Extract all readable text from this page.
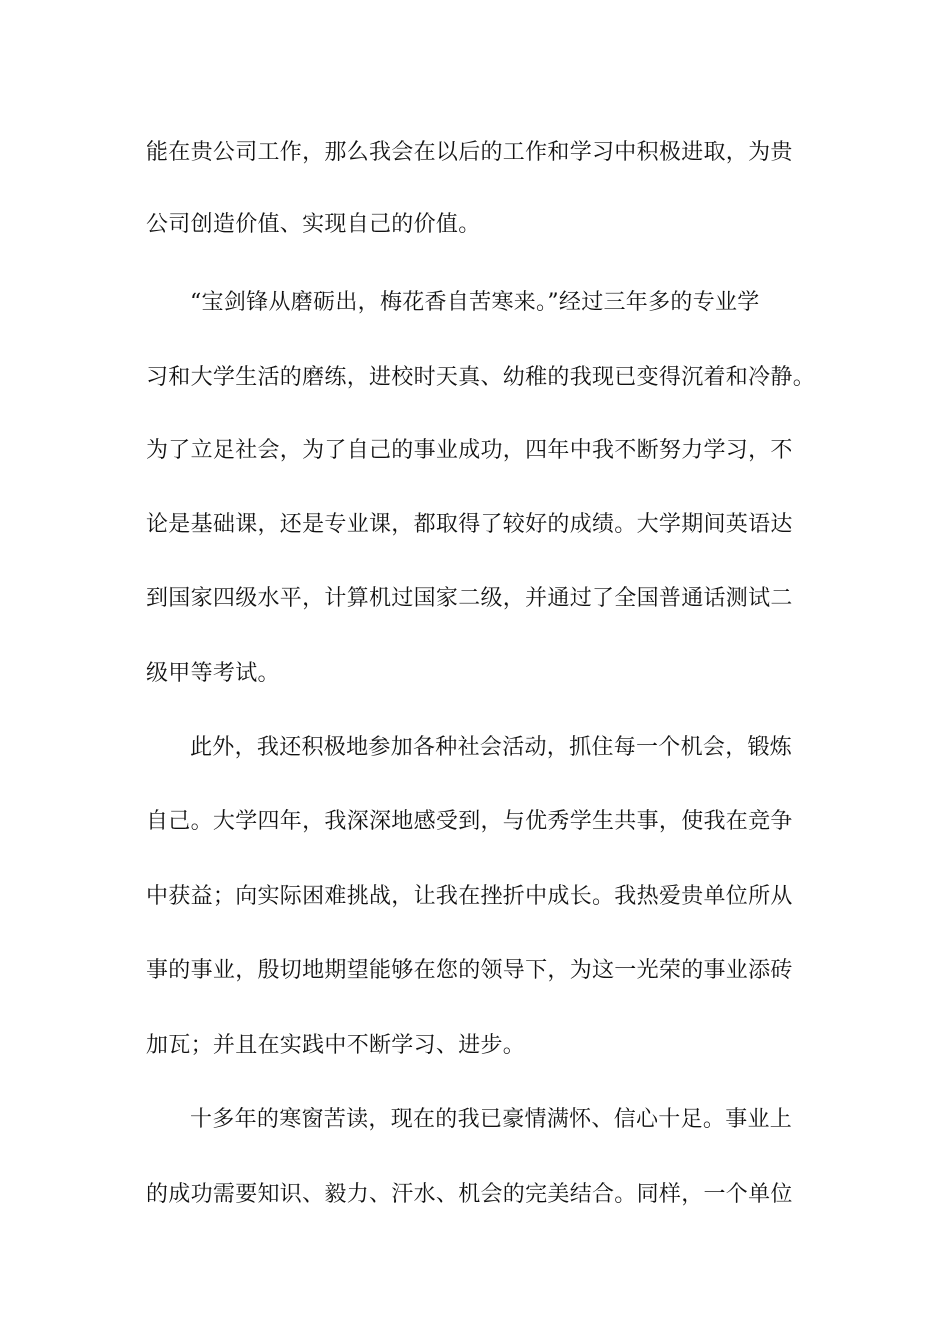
能在贵公司工作，那么我会在以后的工作和学习中积极进取，为贵
公司创造价值、实现自己的价值。
“宝剑锋从磨砺出，梅花香自苦寒来。”经过三年多的专业学
习和大学生活的磨练，进校时天真、幼稚的我现已变得沉着和冷静。
为了立足社会，为了自己的事业成功，四年中我不断努力学习，不
论是基础课，还是专业课，都取得了较好的成绩。大学期间英语达
到国家四级水平，计算机过国家二级，并通过了全国普通话测试二
级甲等考试。
此外，我还积极地参加各种社会活动，抓住每一个机会，锻炼
自己。大学四年，我深深地感受到，与优秀学生共事，使我在竞争
中获益；向实际困难挑战，让我在挫折中成长。我热爱贵单位所从
事的事业，殷切地期望能够在您的领导下，为这一光荣的事业添砖
加瓦；并且在实践中不断学习、进步。
十多年的寒窗苦读，现在的我已豪情满怀、信心十足。事业上
的成功需要知识、毅力、汗水、机会的完美结合。同样，一个单位
